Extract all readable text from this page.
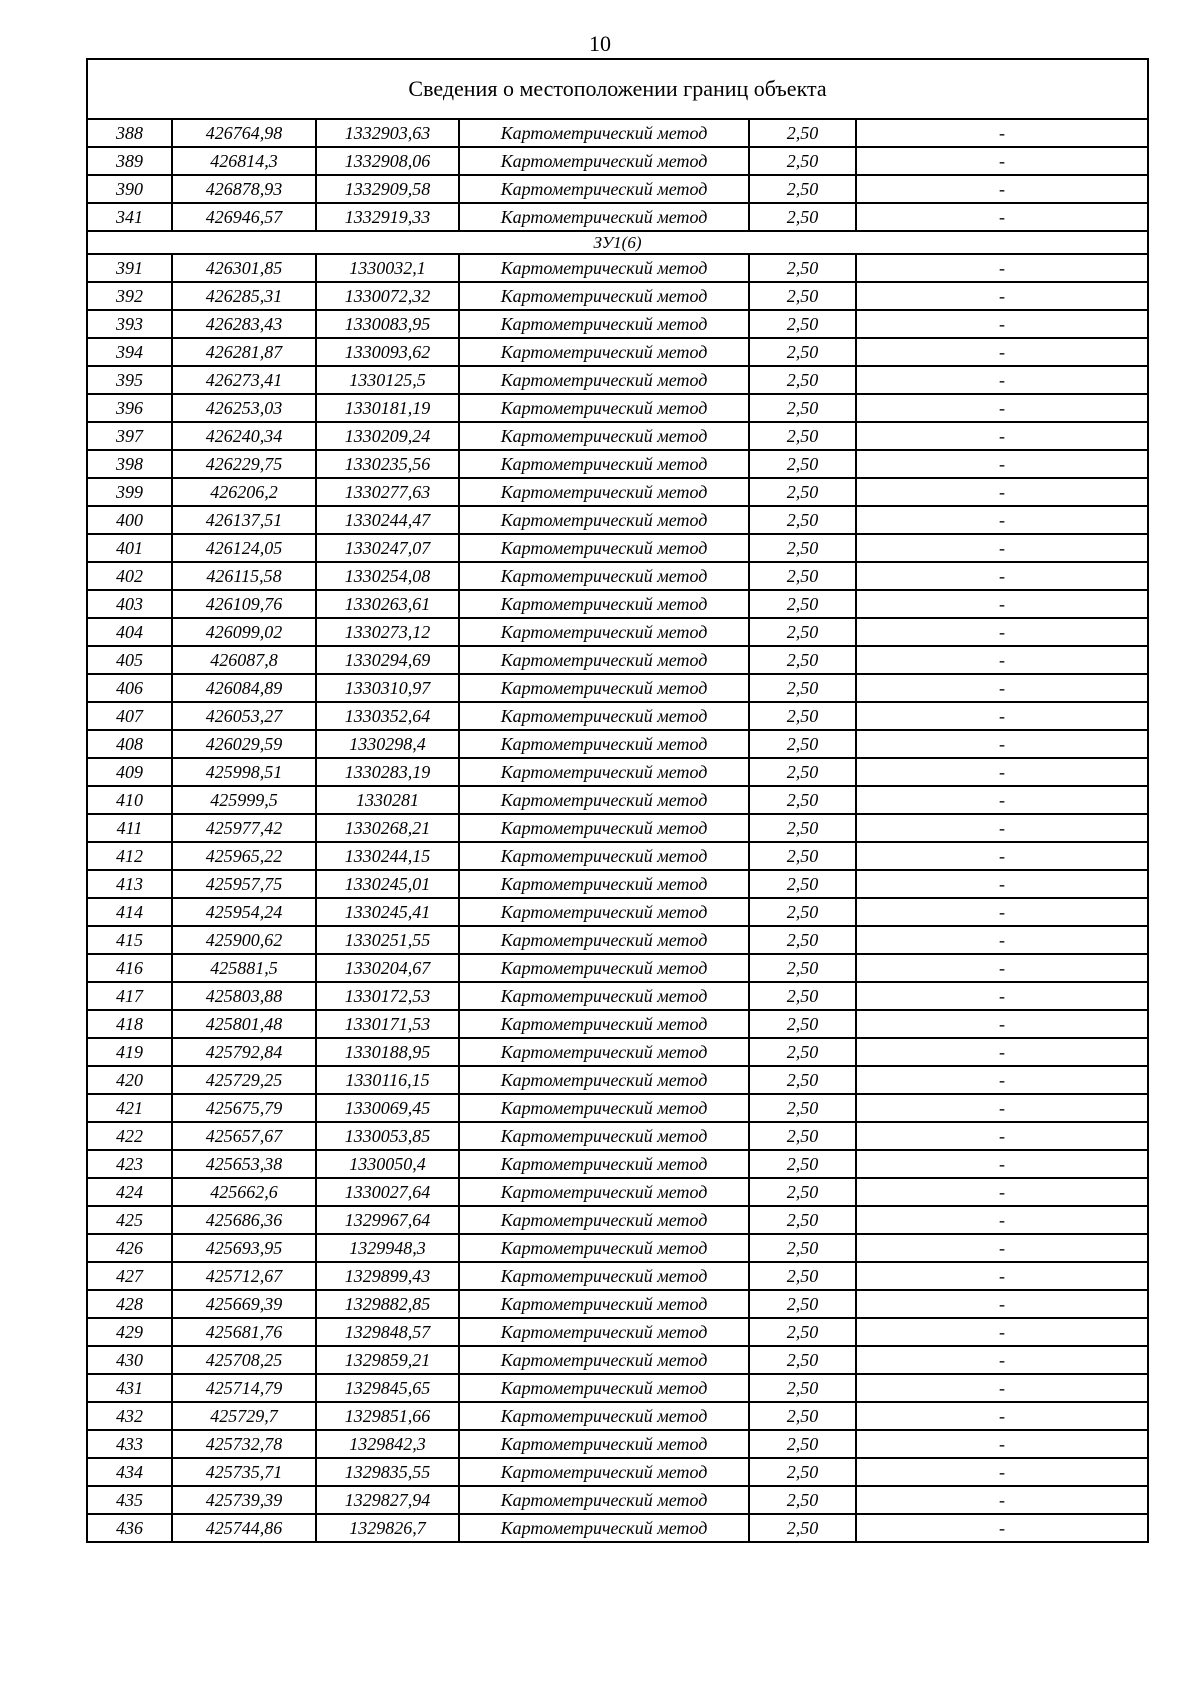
10
Сведения о местоположении границ объекта					
388	426764,98	1332903,63	Картометрический метод	2,50	-
389	426814,3	1332908,06	Картометрический метод	2,50	-
390	426878,93	1332909,58	Картометрический метод	2,50	-
341	426946,57	1332919,33	Картометрический метод	2,50	-
ЗУ1(6)					
391	426301,85	1330032,1	Картометрический метод	2,50	-
392	426285,31	1330072,32	Картометрический метод	2,50	-
393	426283,43	1330083,95	Картометрический метод	2,50	-
394	426281,87	1330093,62	Картометрический метод	2,50	-
395	426273,41	1330125,5	Картометрический метод	2,50	-
396	426253,03	1330181,19	Картометрический метод	2,50	-
397	426240,34	1330209,24	Картометрический метод	2,50	-
398	426229,75	1330235,56	Картометрический метод	2,50	-
399	426206,2	1330277,63	Картометрический метод	2,50	-
400	426137,51	1330244,47	Картометрический метод	2,50	-
401	426124,05	1330247,07	Картометрический метод	2,50	-
402	426115,58	1330254,08	Картометрический метод	2,50	-
403	426109,76	1330263,61	Картометрический метод	2,50	-
404	426099,02	1330273,12	Картометрический метод	2,50	-
405	426087,8	1330294,69	Картометрический метод	2,50	-
406	426084,89	1330310,97	Картометрический метод	2,50	-
407	426053,27	1330352,64	Картометрический метод	2,50	-
408	426029,59	1330298,4	Картометрический метод	2,50	-
409	425998,51	1330283,19	Картометрический метод	2,50	-
410	425999,5	1330281	Картометрический метод	2,50	-
411	425977,42	1330268,21	Картометрический метод	2,50	-
412	425965,22	1330244,15	Картометрический метод	2,50	-
413	425957,75	1330245,01	Картометрический метод	2,50	-
414	425954,24	1330245,41	Картометрический метод	2,50	-
415	425900,62	1330251,55	Картометрический метод	2,50	-
416	425881,5	1330204,67	Картометрический метод	2,50	-
417	425803,88	1330172,53	Картометрический метод	2,50	-
418	425801,48	1330171,53	Картометрический метод	2,50	-
419	425792,84	1330188,95	Картометрический метод	2,50	-
420	425729,25	1330116,15	Картометрический метод	2,50	-
421	425675,79	1330069,45	Картометрический метод	2,50	-
422	425657,67	1330053,85	Картометрический метод	2,50	-
423	425653,38	1330050,4	Картометрический метод	2,50	-
424	425662,6	1330027,64	Картометрический метод	2,50	-
425	425686,36	1329967,64	Картометрический метод	2,50	-
426	425693,95	1329948,3	Картометрический метод	2,50	-
427	425712,67	1329899,43	Картометрический метод	2,50	-
428	425669,39	1329882,85	Картометрический метод	2,50	-
429	425681,76	1329848,57	Картометрический метод	2,50	-
430	425708,25	1329859,21	Картометрический метод	2,50	-
431	425714,79	1329845,65	Картометрический метод	2,50	-
432	425729,7	1329851,66	Картометрический метод	2,50	-
433	425732,78	1329842,3	Картометрический метод	2,50	-
434	425735,71	1329835,55	Картометрический метод	2,50	-
435	425739,39	1329827,94	Картометрический метод	2,50	-
436	425744,86	1329826,7	Картометрический метод	2,50	-
